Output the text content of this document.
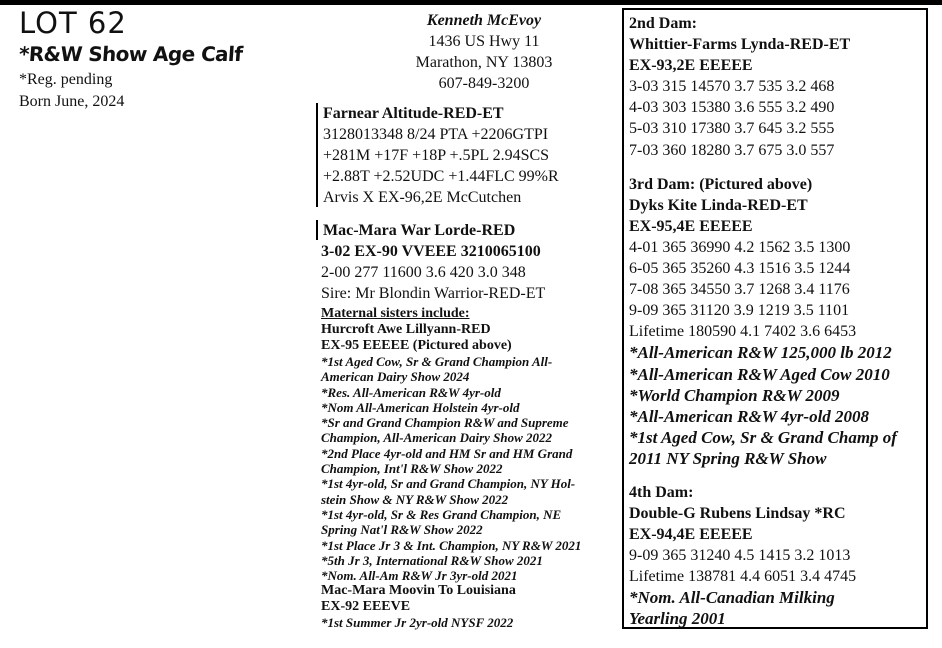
LOT 62
*R&W Show Age Calf
*Reg. pending
Born June, 2024
Kenneth McEvoy
1436 US Hwy 11
Marathon, NY 13803
607-849-3200
Farnear Altitude-RED-ET
3128013348 8/24 PTA +2206GTPI
+281M +17F +18P +.5PL 2.94SCS
+2.88T +2.52UDC +1.44FLC 99%R
Arvis X EX-96,2E McCutchen
Mac-Mara War Lorde-RED
3-02 EX-90 VVEEE 3210065100
2-00 277 11600 3.6 420 3.0 348
Sire: Mr Blondin Warrior-RED-ET
Maternal sisters include:
Hurcroft Awe Lillyann-RED
EX-95 EEEEE (Pictured above)
*1st Aged Cow, Sr & Grand Champion All-
American Dairy Show 2024
*Res. All-American R&W 4yr-old
*Nom All-American Holstein 4yr-old
*Sr and Grand Champion R&W and Supreme
Champion, All-American Dairy Show 2022
*2nd Place 4yr-old and HM Sr and HM Grand
Champion, Int'l R&W Show 2022
*1st 4yr-old, Sr and Grand Champion, NY Hol-
stein Show & NY R&W Show 2022
*1st 4yr-old, Sr & Res Grand Champion, NE
Spring Nat'l R&W Show 2022
*1st Place Jr 3 & Int. Champion, NY R&W 2021
*5th Jr 3, International R&W Show 2021
*Nom. All-Am R&W Jr 3yr-old 2021
Mac-Mara Moovin To Louisiana
EX-92 EEEVE
*1st Summer Jr 2yr-old NYSF 2022
2nd Dam:
Whittier-Farms Lynda-RED-ET
EX-93,2E EEEEE
3-03 315 14570 3.7 535 3.2 468
4-03 303 15380 3.6 555 3.2 490
5-03 310 17380 3.7 645 3.2 555
7-03 360 18280 3.7 675 3.0 557
3rd Dam: (Pictured above)
Dyks Kite Linda-RED-ET
EX-95,4E EEEEE
4-01 365 36990 4.2 1562 3.5 1300
6-05 365 35260 4.3 1516 3.5 1244
7-08 365 34550 3.7 1268 3.4 1176
9-09 365 31120 3.9 1219 3.5 1101
Lifetime 180590 4.1 7402 3.6 6453
*All-American R&W 125,000 lb 2012
*All-American R&W Aged Cow 2010
*World Champion R&W 2009
*All-American R&W 4yr-old 2008
*1st Aged Cow, Sr & Grand Champ of
2011 NY Spring R&W Show
4th Dam:
Double-G Rubens Lindsay *RC
EX-94,4E EEEEE
9-09 365 31240 4.5 1415 3.2 1013
Lifetime 138781 4.4 6051 3.4 4745
*Nom. All-Canadian Milking
Yearling 2001
